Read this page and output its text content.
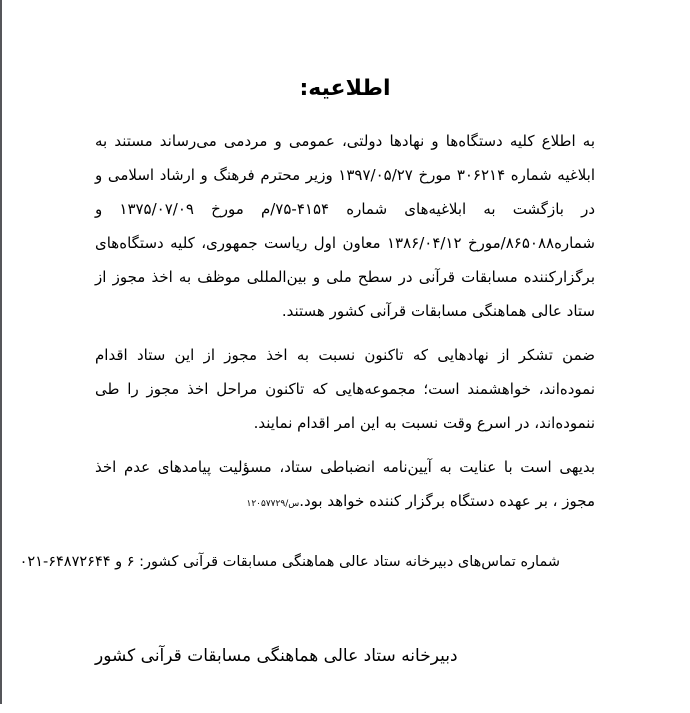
اطلاعیه:

به اطلاع کلیه دستگاه‌ها و نهادها دولتی، عمومی و مردمی می‌رساند مستند به ابلاغیه شماره ۳۰۶۲۱۴ مورخ ۱۳۹۷/۰۵/۲۷ وزیر محترم فرهنگ و ارشاد اسلامی و در بازگشت به ابلاغیه‌های شماره ۴۱۵۴-۷۵/م مورخ ۱۳۷۵/۰۷/۰۹ و شماره۸۶۵۰۸۸/مورخ ۱۳۸۶/۰۴/۱۲ معاون اول ریاست جمهوری، کلیه دستگاه‌های برگزارکننده مسابقات قرآنی در سطح ملی و بین‌المللی موظف به اخذ مجوز از ستاد عالی هماهنگی مسابقات قرآنی کشور هستند.

ضمن تشکر از نهادهایی که تاکنون نسبت به اخذ مجوز از این ستاد اقدام نموده‌اند، خواهشمند است؛ مجموعه‌هایی که تاکنون مراحل اخذ مجوز را طی ننموده‌اند، در اسرع وقت نسبت به این امر اقدام نمایند.

بدیهی است با عنایت به آیین‌نامه انضباطی ستاد، مسؤلیت پیامدهای عدم اخذ مجوز ، بر عهده دستگاه برگزار کننده خواهد بود.س/۱۲۰۵۷۷۲۹

شماره تماس‌های دبیرخانه ستاد عالی هماهنگی مسابقات قرآنی کشور: ۶ و ۶۴۸۷۲۶۴۴-۰۲۱

دبیرخانه ستاد عالی هماهنگی مسابقات قرآنی کشور
